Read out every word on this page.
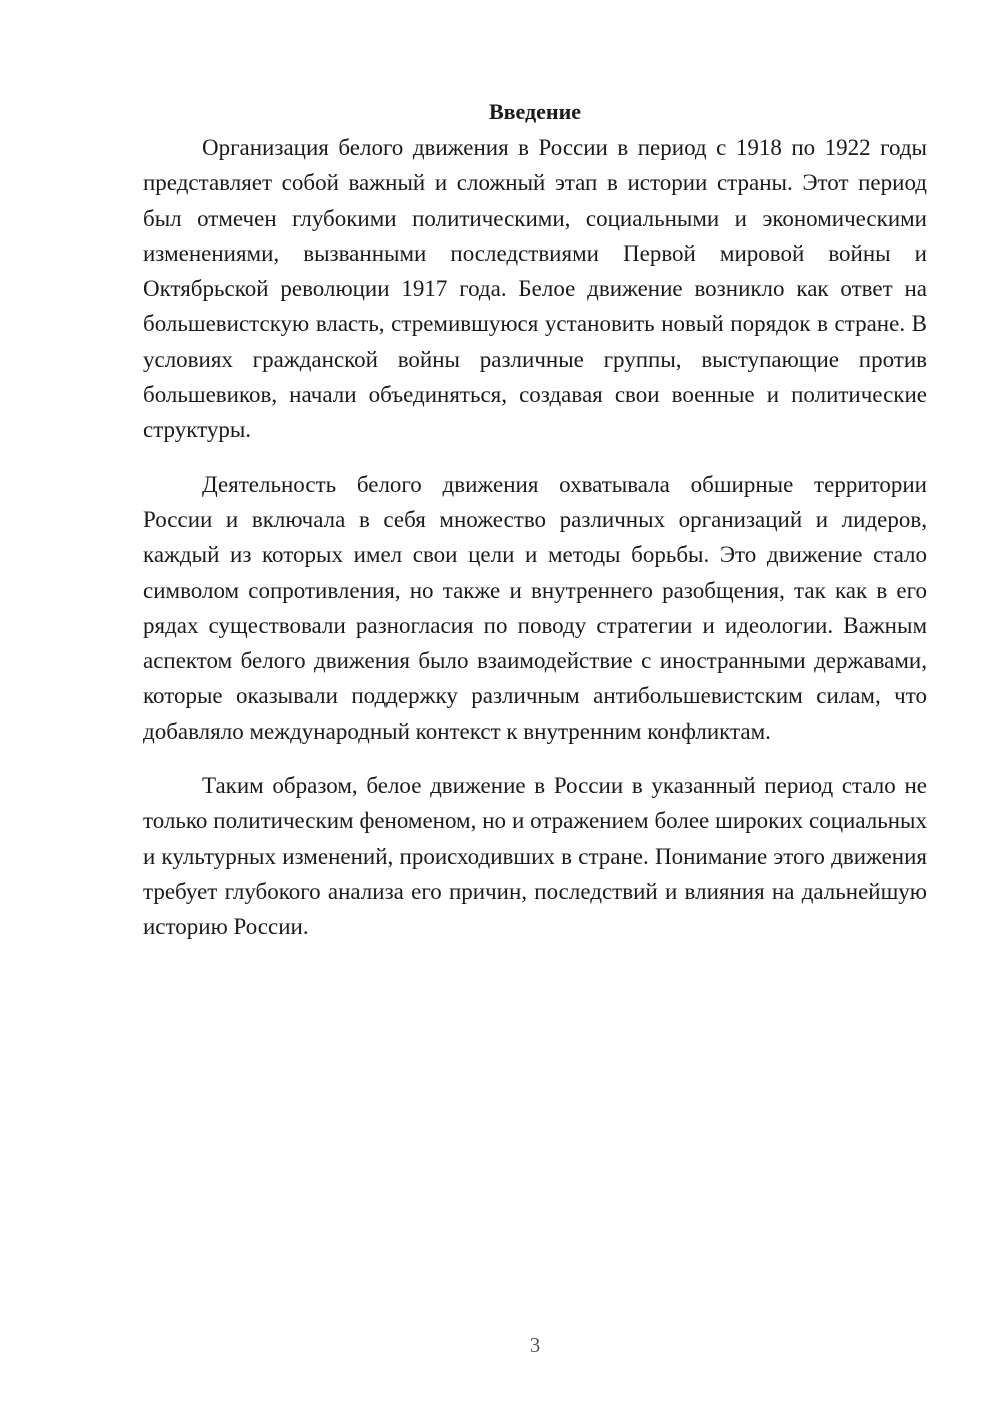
Введение

Организация белого движения в России в период с 1918 по 1922 годы представляет собой важный и сложный этап в истории страны. Этот период был отмечен глубокими политическими, социальными и экономическими изменениями, вызванными последствиями Первой мировой войны и Октябрьской революции 1917 года. Белое движение возникло как ответ на большевистскую власть, стремившуюся установить новый порядок в стране. В условиях гражданской войны различные группы, выступающие против большевиков, начали объединяться, создавая свои военные и политические структуры.

Деятельность белого движения охватывала обширные территории России и включала в себя множество различных организаций и лидеров, каждый из которых имел свои цели и методы борьбы. Это движение стало символом сопротивления, но также и внутреннего разобщения, так как в его рядах существовали разногласия по поводу стратегии и идеологии. Важным аспектом белого движения было взаимодействие с иностранными державами, которые оказывали поддержку различным антибольшевистским силам, что добавляло международный контекст к внутренним конфликтам.

Таким образом, белое движение в России в указанный период стало не только политическим феноменом, но и отражением более широких социальных и культурных изменений, происходивших в стране. Понимание этого движения требует глубокого анализа его причин, последствий и влияния на дальнейшую историю России.

3
